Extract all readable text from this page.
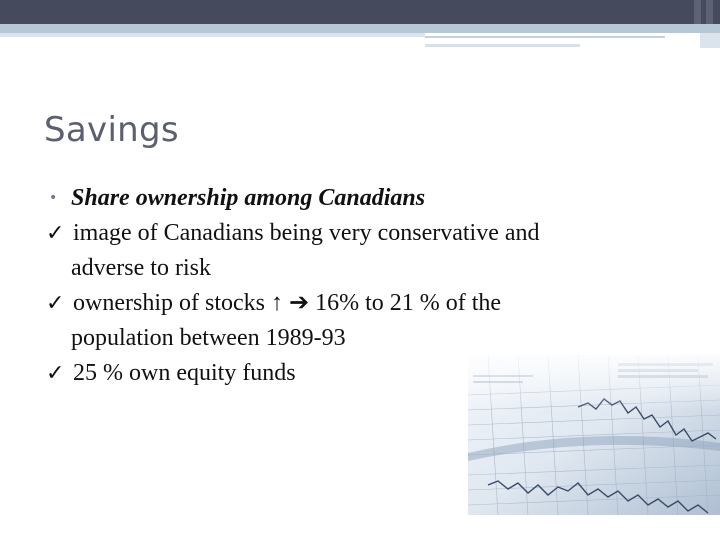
Savings
• Share ownership among Canadians
✓ image of Canadians being very conservative and
adverse to risk
✓ ownership of stocks ↑ ➔ 16% to 21 % of the
population between 1989-93
✓ 25 % own equity funds
